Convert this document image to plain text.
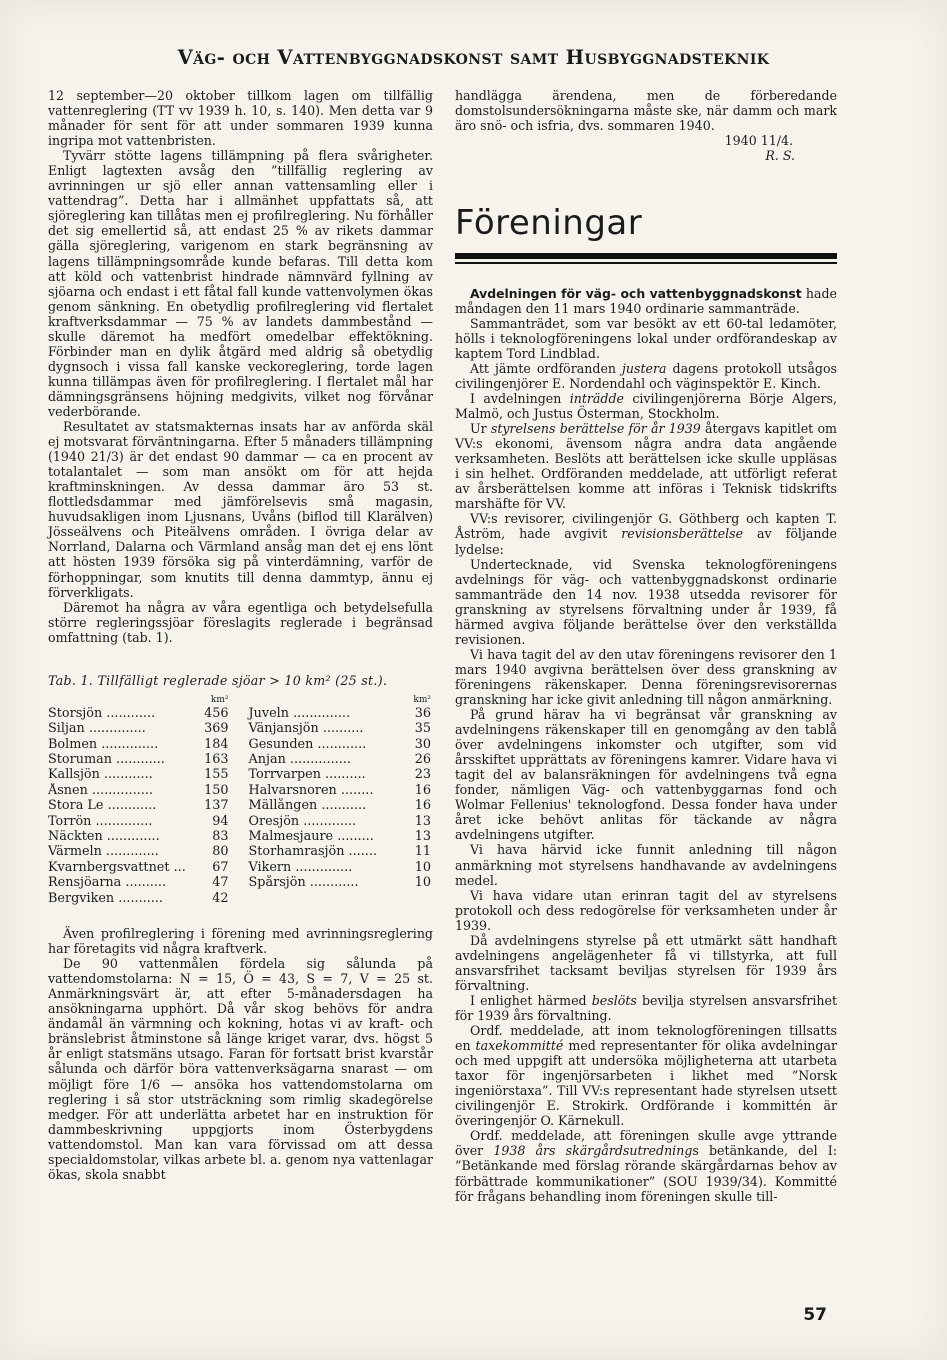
Väg- och Vattenbyggnadskonst samt Husbyggnadsteknik

12 september—20 oktober tillkom lagen om tillfällig vattenreglering (TT vv 1939 h. 10, s. 140). Men detta var 9 månader för sent för att under sommaren 1939 kunna ingripa mot vattenbristen.

Tyvärr stötte lagens tillämpning på flera svårigheter. Enligt lagtexten avsåg den ”tillfällig reglering av avrinningen ur sjö eller annan vattensamling eller i vattendrag”. Detta har i allmänhet uppfattats så, att sjöreglering kan tillåtas men ej profilreglering. Nu förhåller det sig emellertid så, att endast 25 % av rikets dammar gälla sjöreglering, varigenom en stark begränsning av lagens tillämpningsområde kunde befaras. Till detta kom att köld och vattenbrist hindrade nämnvärd fyllning av sjöarna och endast i ett fåtal fall kunde vattenvolymen ökas genom sänkning. En obetydlig profilreglering vid flertalet kraftverksdammar — 75 % av landets dammbestånd — skulle däremot ha medfört omedelbar effektökning. Förbinder man en dylik åtgärd med aldrig så obetydlig dygnsoch i vissa fall kanske veckoreglering, torde lagen kunna tillämpas även för profilreglering. I flertalet mål har dämningsgränsens höjning medgivits, vilket nog förvånar vederbörande.

Resultatet av statsmakternas insats har av anförda skäl ej motsvarat förväntningarna. Efter 5 månaders tillämpning (1940 21/3) är det endast 90 dammar — ca en procent av totalantalet — som man ansökt om för att hejda kraftminskningen. Av dessa dammar äro 53 st. flottledsdammar med jämförelsevis små magasin, huvudsakligen inom Ljusnans, Uvåns (biflod till Klarälven) Jösseälvens och Piteälvens områden. I övriga delar av Norrland, Dalarna och Värmland ansåg man det ej ens lönt att hösten 1939 försöka sig på vinterdämning, varför de förhoppningar, som knutits till denna dammtyp, ännu ej förverkligats.

Däremot ha några av våra egentliga och betydelsefulla större regleringssjöar föreslagits reglerade i begränsad omfattning (tab. 1).

Tab. 1. Tillfälligt reglerade sjöar > 10 km² (25 st.).
	km²		km²
Storsjön ............	456	Juveln ..............	36
Siljan ..............	369	Vänjansjön ..........	35
Bolmen ..............	184	Gesunden ............	30
Storuman ............	163	Anjan ...............	26
Kallsjön ............	155	Torrvarpen ..........	23
Åsnen ...............	150	Halvarsnoren ........	16
Stora Le ............	137	Mällången ...........	16
Torrön ..............	94	Öresjön .............	13
Näckten .............	83	Malmesjaure .........	13
Värmeln .............	80	Storhamrasjön .......	11
Kvarnbergsvattnet ...	67	Vikern ..............	10
Rensjöarna ..........	47	Spårsjön ............	10
Bergviken ...........	42		

Även profilreglering i förening med avrinningsreglering har företagits vid några kraftverk.

De 90 vattenmålen fördela sig sålunda på vattendomstolarna: N = 15, Ö = 43, S = 7, V = 25 st. Anmärkningsvärt är, att efter 5-månadersdagen ha ansökningarna upphört. Då vår skog behövs för andra ändamål än värmning och kokning, hotas vi av kraft- och bränslebrist åtminstone så länge kriget varar, dvs. högst 5 år enligt statsmäns utsago. Faran för fortsatt brist kvarstår sålunda och därför böra vattenverksägarna snarast — om möjligt före 1/6 — ansöka hos vattendomstolarna om reglering i så stor utsträckning som rimlig skadegörelse medger. För att underlätta arbetet har en instruktion för dammbeskrivning uppgjorts inom Österbygdens vattendomstol. Man kan vara förvissad om att dessa specialdomstolar, vilkas arbete bl. a. genom nya vattenlagar ökas, skola snabbt

handlägga ärendena, men de förberedande domstolsundersökningarna måste ske, när damm och mark äro snö- och isfria, dvs. sommaren 1940.

1940 11/4.
R. S.
Föreningar

Avdelningen för väg- och vattenbyggnadskonst hade måndagen den 11 mars 1940 ordinarie sammanträde.

Sammanträdet, som var besökt av ett 60-tal ledamöter, hölls i teknologföreningens lokal under ordförandeskap av kaptem Tord Lindblad.

Att jämte ordföranden justera dagens protokoll utsågos civilingenjörer E. Nordendahl och väginspektör E. Kinch.

I avdelningen inträdde civilingenjörerna Börje Algers, Malmö, och Justus Österman, Stockholm.

Ur styrelsens berättelse för år 1939 återgavs kapitlet om VV:s ekonomi, ävensom några andra data angående verksamheten. Beslöts att berättelsen icke skulle uppläsas i sin helhet. Ordföranden meddelade, att utförligt referat av årsberättelsen komme att införas i Teknisk tidskrifts marshäfte för VV.

VV:s revisorer, civilingenjör G. Göthberg och kapten T. Åström, hade avgivit revisionsberättelse av följande lydelse:

Undertecknade, vid Svenska teknologföreningens avdelnings för väg- och vattenbyggnadskonst ordinarie sammanträde den 14 nov. 1938 utsedda revisorer för granskning av styrelsens förvaltning under år 1939, få härmed avgiva följande berättelse över den verkställda revisionen.

Vi hava tagit del av den utav föreningens revisorer den 1 mars 1940 avgivna berättelsen över dess granskning av föreningens räkenskaper. Denna föreningsrevisorernas granskning har icke givit anledning till någon anmärkning.

På grund härav ha vi begränsat vår granskning av avdelningens räkenskaper till en genomgång av den tablå över avdelningens inkomster och utgifter, som vid årsskiftet upprättats av föreningens kamrer. Vidare hava vi tagit del av balansräkningen för avdelningens två egna fonder, nämligen Väg- och vattenbyggarnas fond och Wolmar Fellenius' teknologfond. Dessa fonder hava under året icke behövt anlitas för täckande av några avdelningens utgifter.

Vi hava härvid icke funnit anledning till någon anmärkning mot styrelsens handhavande av avdelningens medel.

Vi hava vidare utan erinran tagit del av styrelsens protokoll och dess redogörelse för verksamheten under år 1939.

Då avdelningens styrelse på ett utmärkt sätt handhaft avdelningens angelägenheter få vi tillstyrka, att full ansvarsfrihet tacksamt beviljas styrelsen för 1939 års förvaltning.

I enlighet härmed beslöts bevilja styrelsen ansvarsfrihet för 1939 års förvaltning.

Ordf. meddelade, att inom teknologföreningen tillsatts en taxekommitté med representanter för olika avdelningar och med uppgift att undersöka möjligheterna att utarbeta taxor för ingenjörsarbeten i likhet med ”Norsk ingeniörstaxa”. Till VV:s representant hade styrelsen utsett civilingenjör E. Strokirk. Ordförande i kommittén är överingenjör O. Kärnekull.

Ordf. meddelade, att föreningen skulle avge yttrande över 1938 års skärgårdsutrednings betänkande, del I: ”Betänkande med förslag rörande skärgårdarnas behov av förbättrade kommunikationer” (SOU 1939/34). Kommitté för frågans behandling inom föreningen skulle till-

57
